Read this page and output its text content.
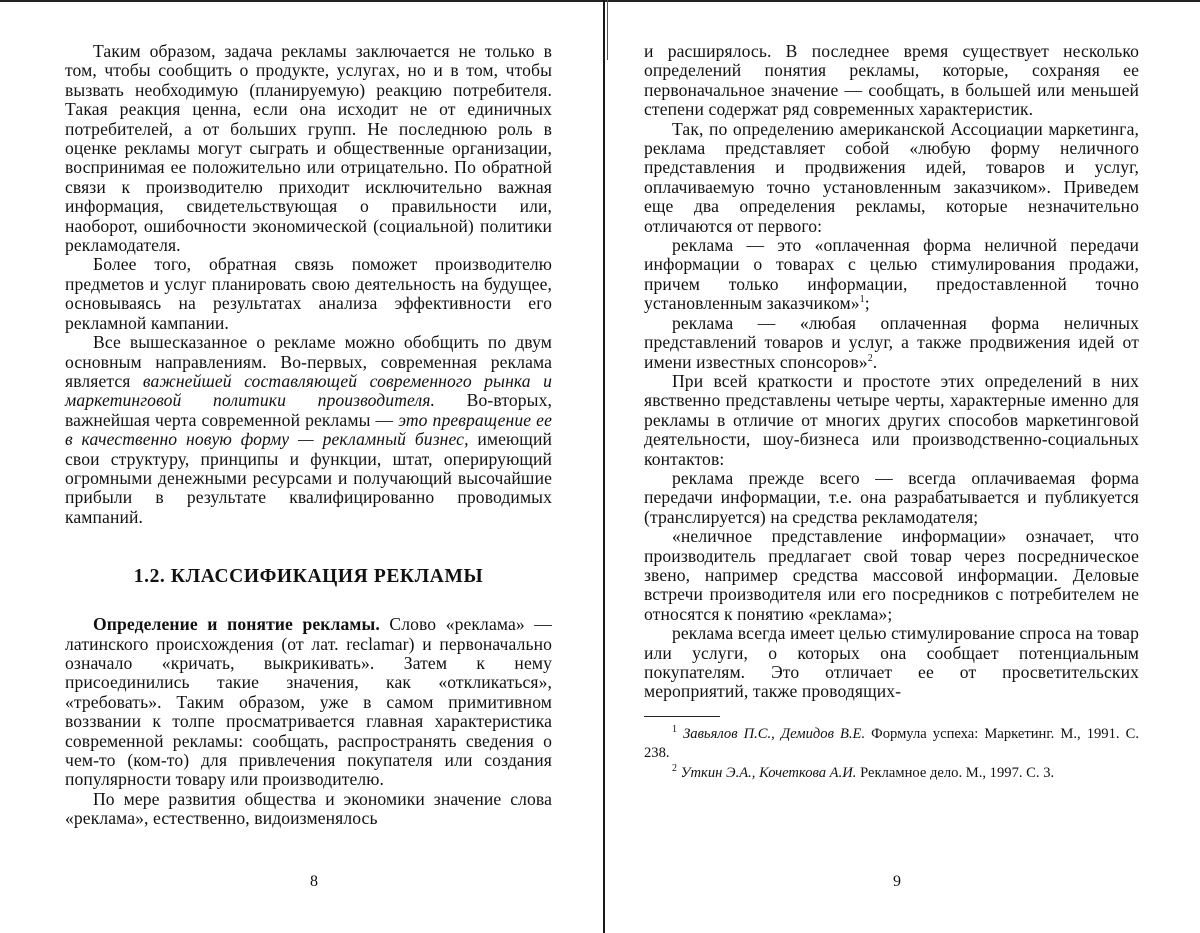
Таким образом, задача рекламы заключается не только в том, чтобы сообщить о продукте, услугах, но и в том, чтобы вызвать необходимую (планируемую) реакцию потребителя. Такая реакция ценна, если она исходит не от единичных потребителей, а от больших групп. Не последнюю роль в оценке рекламы могут сыграть и общественные организации, воспринимая ее положительно или отрицательно. По обратной связи к производителю приходит исключительно важная информация, свидетельствующая о правильности или, наоборот, ошибочности экономической (социальной) политики рекламодателя.

Более того, обратная связь поможет производителю предметов и услуг планировать свою деятельность на будущее, основываясь на результатах анализа эффективности его рекламной кампании.

Все вышесказанное о рекламе можно обобщить по двум основным направлениям. Во-первых, современная реклама является важнейшей составляющей современного рынка и маркетинговой политики производителя. Во-вторых, важнейшая черта современной рекламы — это превращение ее в качественно новую форму — рекламный бизнес, имеющий свои структуру, принципы и функции, штат, оперирующий огромными денежными ресурсами и получающий высочайшие прибыли в результате квалифицированно проводимых кампаний.

1.2. КЛАССИФИКАЦИЯ РЕКЛАМЫ

Определение и понятие рекламы. Слово «реклама» — латинского происхождения (от лат. reclamar) и первоначально означало «кричать, выкрикивать». Затем к нему присоединились такие значения, как «откликаться», «требовать». Таким образом, уже в самом примитивном воззвании к толпе просматривается главная характеристика современной рекламы: сообщать, распространять сведения о чем-то (ком-то) для привлечения покупателя или создания популярности товару или производителю.

По мере развития общества и экономики значение слова «реклама», естественно, видоизменялось

8

и расширялось. В последнее время существует несколько определений понятия рекламы, которые, сохраняя ее первоначальное значение — сообщать, в большей или меньшей степени содержат ряд современных характеристик.

Так, по определению американской Ассоциации маркетинга, реклама представляет собой «любую форму неличного представления и продвижения идей, товаров и услуг, оплачиваемую точно установленным заказчиком». Приведем еще два определения рекламы, которые незначительно отличаются от первого:

реклама — это «оплаченная форма неличной передачи информации о товарах с целью стимулирования продажи, причем только информации, предоставленной точно установленным заказчиком»$^1$;

реклама — «любая оплаченная форма неличных представлений товаров и услуг, а также продвижения идей от имени известных спонсоров»$^2$.

При всей краткости и простоте этих определений в них явственно представлены четыре черты, характерные именно для рекламы в отличие от многих других способов маркетинговой деятельности, шоу-бизнеса или производственно-социальных контактов:

реклама прежде всего — всегда оплачиваемая форма передачи информации, т.е. она разрабатывается и публикуется (транслируется) на средства рекламодателя;

«неличное представление информации» означает, что производитель предлагает свой товар через посредническое звено, например средства массовой информации. Деловые встречи производителя или его посредников с потребителем не относятся к понятию «реклама»;

реклама всегда имеет целью стимулирование спроса на товар или услуги, о которых она сообщает потенциальным покупателям. Это отличает ее от просветительских мероприятий, также проводящих-

$^1$ Завьялов П.С., Демидов В.Е. Формула успеха: Маркетинг. М., 1991. С. 238.

$^2$ Уткин Э.А., Кочеткова А.И. Рекламное дело. М., 1997. С. 3.

9
